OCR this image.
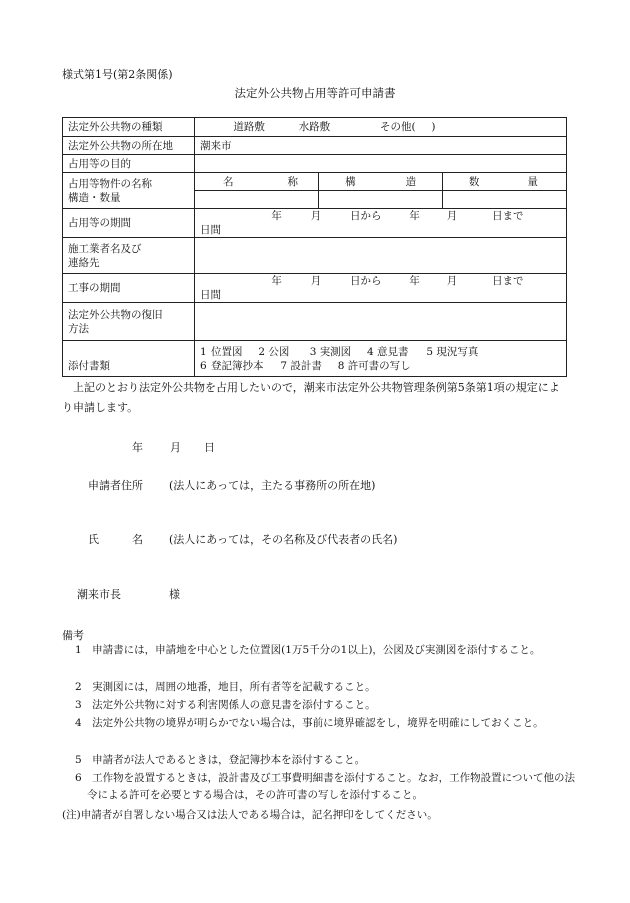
様式第1号(第2条関係)
法定外公共物占用等許可申請書
法定外公共物の種類	道路敷	水路敷	その他( )
法定外公共物の所在地	潮来市
占用等の目的	

占用等物件の名称
構造・数量

名	称	構	造	数	量

占用等の期間	年	月	日から	年	月	日まで 日間

施工業者名及び
連絡先

工事の期間	年	月	日から	年	月	日まで 日間

法定外公共物の復旧
方法

添付書類	
1 位置図 2 公図 3 実測図 4 意見書 5 現況写真
6 登記簿抄本 7 設計書 8 許可書の写し
上記のとおり法定外公共物を占用したいので，潮来市法定外公共物管理条例第5条第1項の規定により申請します。
年 月 日
申請者住所 (法人にあっては，主たる事務所の所在地)
氏	名 (法人にあっては，その名称及び代表者の氏名)
潮来市長	様
備考
1　申請書には，申請地を中心とした位置図(1万5千分の1以上)，公図及び実測図を添付すること。
2　実測図には，周囲の地番，地目，所有者等を記載すること。
3　法定外公共物に対する利害関係人の意見書を添付すること。
4　法定外公共物の境界が明らかでない場合は，事前に境界確認をし，境界を明確にしておくこと。
5　申請者が法人であるときは，登記簿抄本を添付すること。
6　工作物を設置するときは，設計書及び工事費明細書を添付すること。なお，工作物設置について他の法令による許可を必要とする場合は，その許可書の写しを添付すること。
(注)申請者が自署しない場合又は法人である場合は，記名押印をしてください。
